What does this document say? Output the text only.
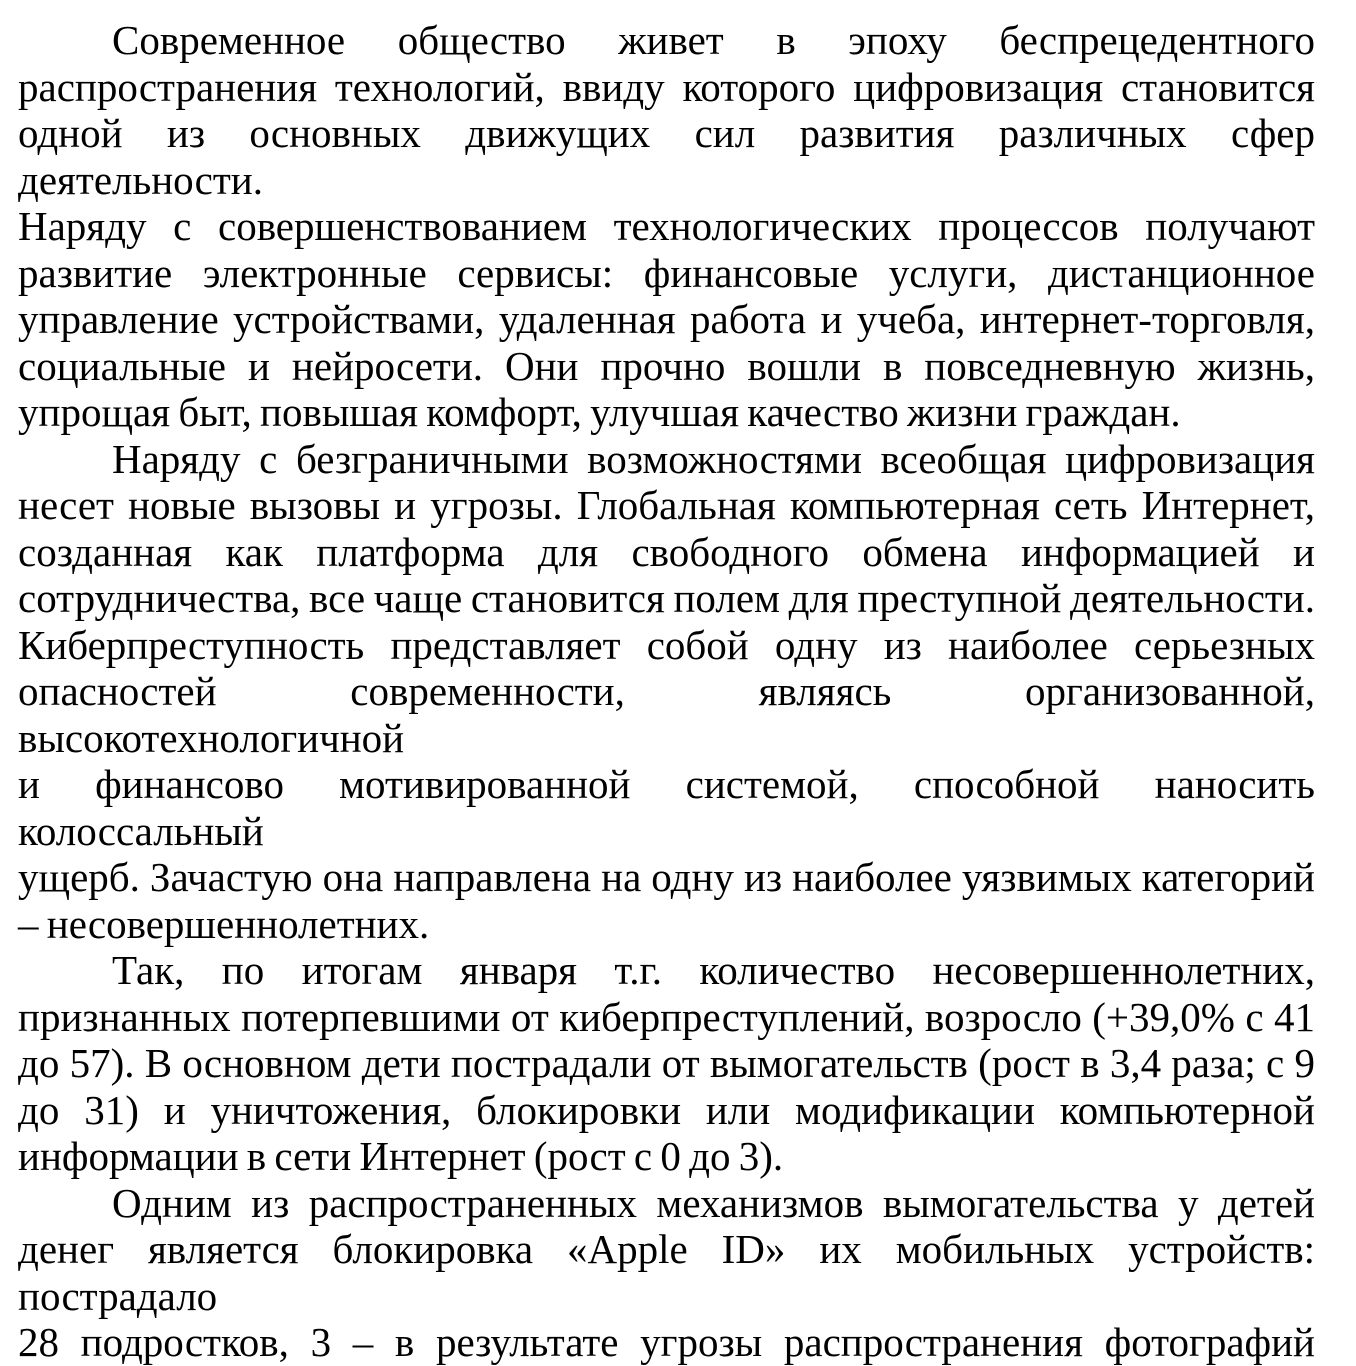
Современное общество живет в эпоху беспрецедентного
распространения технологий, ввиду которого цифровизация становится
одной из основных движущих сил развития различных сфер деятельности.
Наряду с совершенствованием технологических процессов получают
развитие электронные сервисы: финансовые услуги, дистанционное
управление устройствами, удаленная работа и учеба, интернет-торговля,
социальные и нейросети. Они прочно вошли в повседневную жизнь,
упрощая быт, повышая комфорт, улучшая качество жизни граждан.

Наряду с безграничными возможностями всеобщая цифровизация
несет новые вызовы и угрозы. Глобальная компьютерная сеть Интернет,
созданная как платформа для свободного обмена информацией и
сотрудничества, все чаще становится полем для преступной деятельности.
Киберпреступность представляет собой одну из наиболее серьезных
опасностей современности, являясь организованной, высокотехнологичной
и финансово мотивированной системой, способной наносить колоссальный
ущерб. Зачастую она направлена на одну из наиболее уязвимых категорий
– несовершеннолетних.

Так, по итогам января т.г. количество несовершеннолетних,
признанных потерпевшими от киберпреступлений, возросло (+39,0% с 41
до 57). В основном дети пострадали от вымогательств (рост в 3,4 раза; с 9
до 31) и уничтожения, блокировки или модификации компьютерной
информации в сети Интернет (рост с 0 до 3).

Одним из распространенных механизмов вымогательства у детей
денег является блокировка «Apple ID» их мобильных устройств: пострадало
28 подростков, 3 – в результате угрозы распространения фотографий
